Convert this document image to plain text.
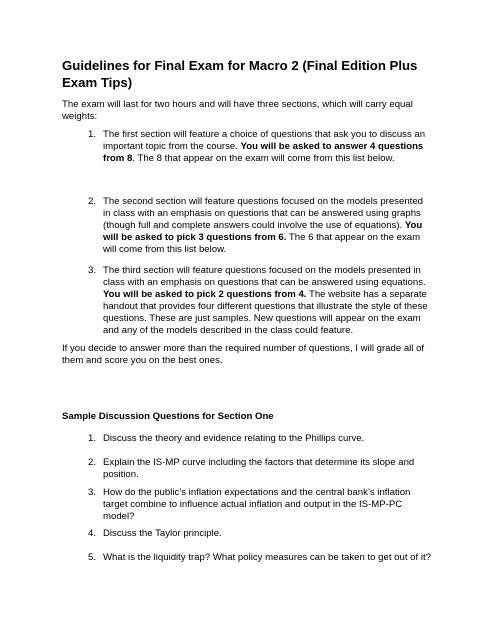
Guidelines for Final Exam for Macro 2 (Final Edition Plus Exam Tips)

The exam will last for two hours and will have three sections, which will carry equal weights:

1. The first section will feature a choice of questions that ask you to discuss an important topic from the course. You will be asked to answer 4 questions from 8. The 8 that appear on the exam will come from this list below.
2. The second section will feature questions focused on the models presented in class with an emphasis on questions that can be answered using graphs (though full and complete answers could involve the use of equations). You will be asked to pick 3 questions from 6. The 6 that appear on the exam will come from this list below.
3. The third section will feature questions focused on the models presented in class with an emphasis on questions that can be answered using equations. You will be asked to pick 2 questions from 4. The website has a separate handout that provides four different questions that illustrate the style of these questions. These are just samples. New questions will appear on the exam and any of the models described in the class could feature.

If you decide to answer more than the required number of questions, I will grade all of them and score you on the best ones.

Sample Discussion Questions for Section One
1. Discuss the theory and evidence relating to the Phillips curve.
2. Explain the IS-MP curve including the factors that determine its slope and position.
3. How do the public’s inflation expectations and the central bank’s inflation target combine to influence actual inflation and output in the IS-MP-PC model?
4. Discuss the Taylor principle.
5. What is the liquidity trap? What policy measures can be taken to get out of it?
